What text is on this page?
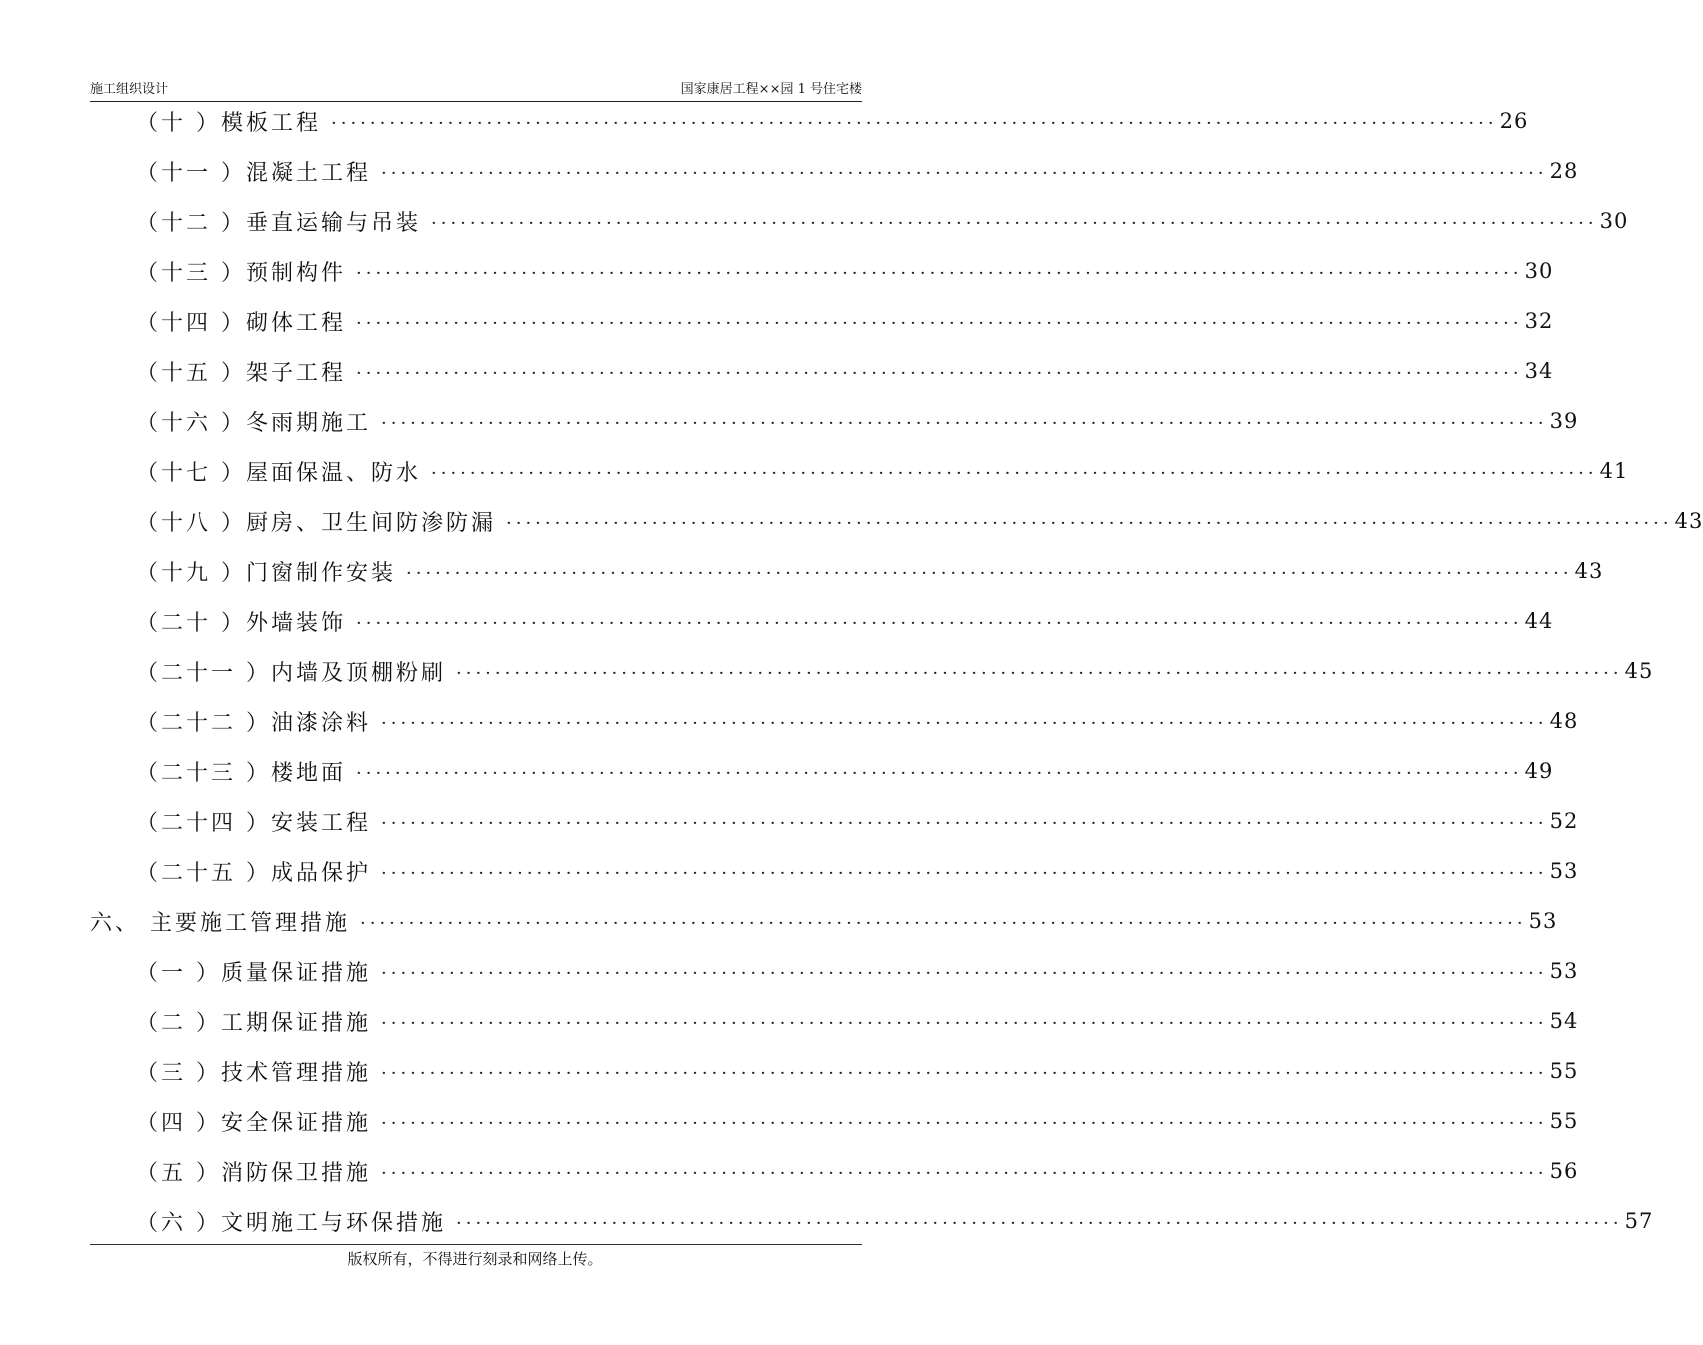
施工组织设计	国家康居工程××园 1 号住宅楼
（十 ）模板工程 ························································································································ 26
（十一 ）混凝土工程 ························································································································ 28
（十二 ）垂直运输与吊装 ························································································································ 30
（十三 ）预制构件 ························································································································ 30
（十四 ）砌体工程 ························································································································ 32
（十五 ）架子工程 ························································································································ 34
（十六 ）冬雨期施工 ························································································································ 39
（十七 ）屋面保温、防水 ························································································································ 41
（十八 ）厨房、卫生间防渗防漏 ························································································································ 43
（十九 ）门窗制作安装 ························································································································ 43
（二十 ）外墙装饰 ························································································································ 44
（二十一 ）内墙及顶棚粉刷 ························································································································ 45
（二十二 ）油漆涂料 ························································································································ 48
（二十三 ）楼地面 ························································································································ 49
（二十四 ）安装工程 ························································································································ 52
（二十五 ）成品保护 ························································································································ 53
六、 主要施工管理措施 ························································································································ 53
（一 ）质量保证措施 ························································································································ 53
（二 ）工期保证措施 ························································································································ 54
（三 ）技术管理措施 ························································································································ 55
（四 ）安全保证措施 ························································································································ 55
（五 ）消防保卫措施 ························································································································ 56
（六 ）文明施工与环保措施 ························································································································ 57
版权所有，不得进行刻录和网络上传。
